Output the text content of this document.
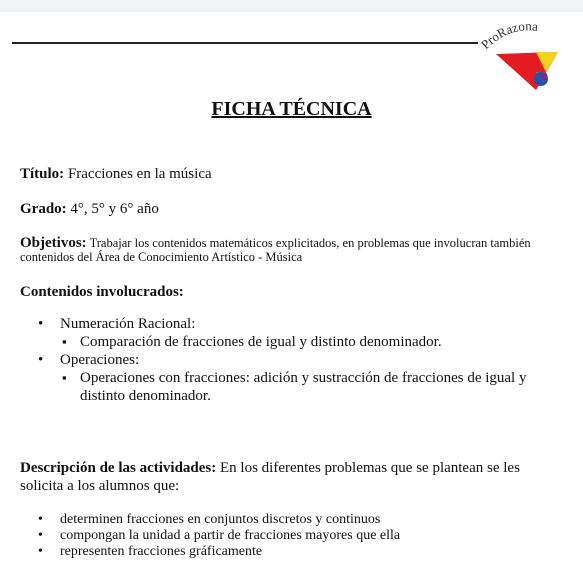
ProRazona
FICHA TÉCNICA
Título: Fracciones en la música
Grado: 4°, 5° y 6° año
Objetivos: Trabajar los contenidos matemáticos explicitados, en problemas que involucran también contenidos del Área de Conocimiento Artístico - Música
Contenidos involucrados:
• Numeración Racional:
▪ Comparación de fracciones de igual y distinto denominador.
• Operaciones:
▪ Operaciones con fracciones: adición y sustracción de fracciones de igual y distinto denominador.
Descripción de las actividades: En los diferentes problemas que se plantean se les solicita a los alumnos que:
• determinen fracciones en conjuntos discretos y continuos
• compongan la unidad a partir de fracciones mayores que ella
• representen fracciones gráficamente
